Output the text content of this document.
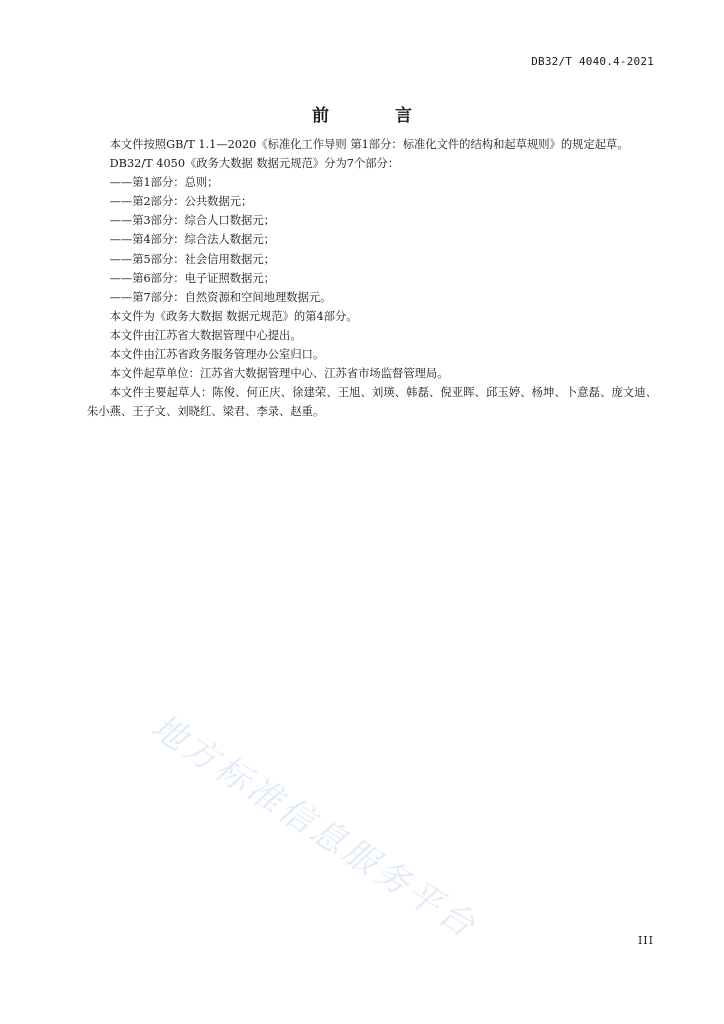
DB32/T 4040.4-2021
前 言

本文件按照GB/T 1.1—2020《标准化工作导则 第1部分：标准化文件的结构和起草规则》的规定起草。

DB32/T 4050《政务大数据 数据元规范》分为7个部分：

——第1部分：总则；

——第2部分：公共数据元；

——第3部分：综合人口数据元；

——第4部分：综合法人数据元；

——第5部分：社会信用数据元；

——第6部分：电子证照数据元；

——第7部分：自然资源和空间地理数据元。

本文件为《政务大数据 数据元规范》的第4部分。

本文件由江苏省大数据管理中心提出。

本文件由江苏省政务服务管理办公室归口。

本文件起草单位：江苏省大数据管理中心、江苏省市场监督管理局。

本文件主要起草人：陈俊、何正庆、徐建荣、王旭、刘瑛、韩磊、倪亚晖、邱玉婷、杨坤、卜意磊、庞文迪、朱小燕、王子文、刘晓红、梁君、李录、赵重。

地方标准信息服务平台	III
